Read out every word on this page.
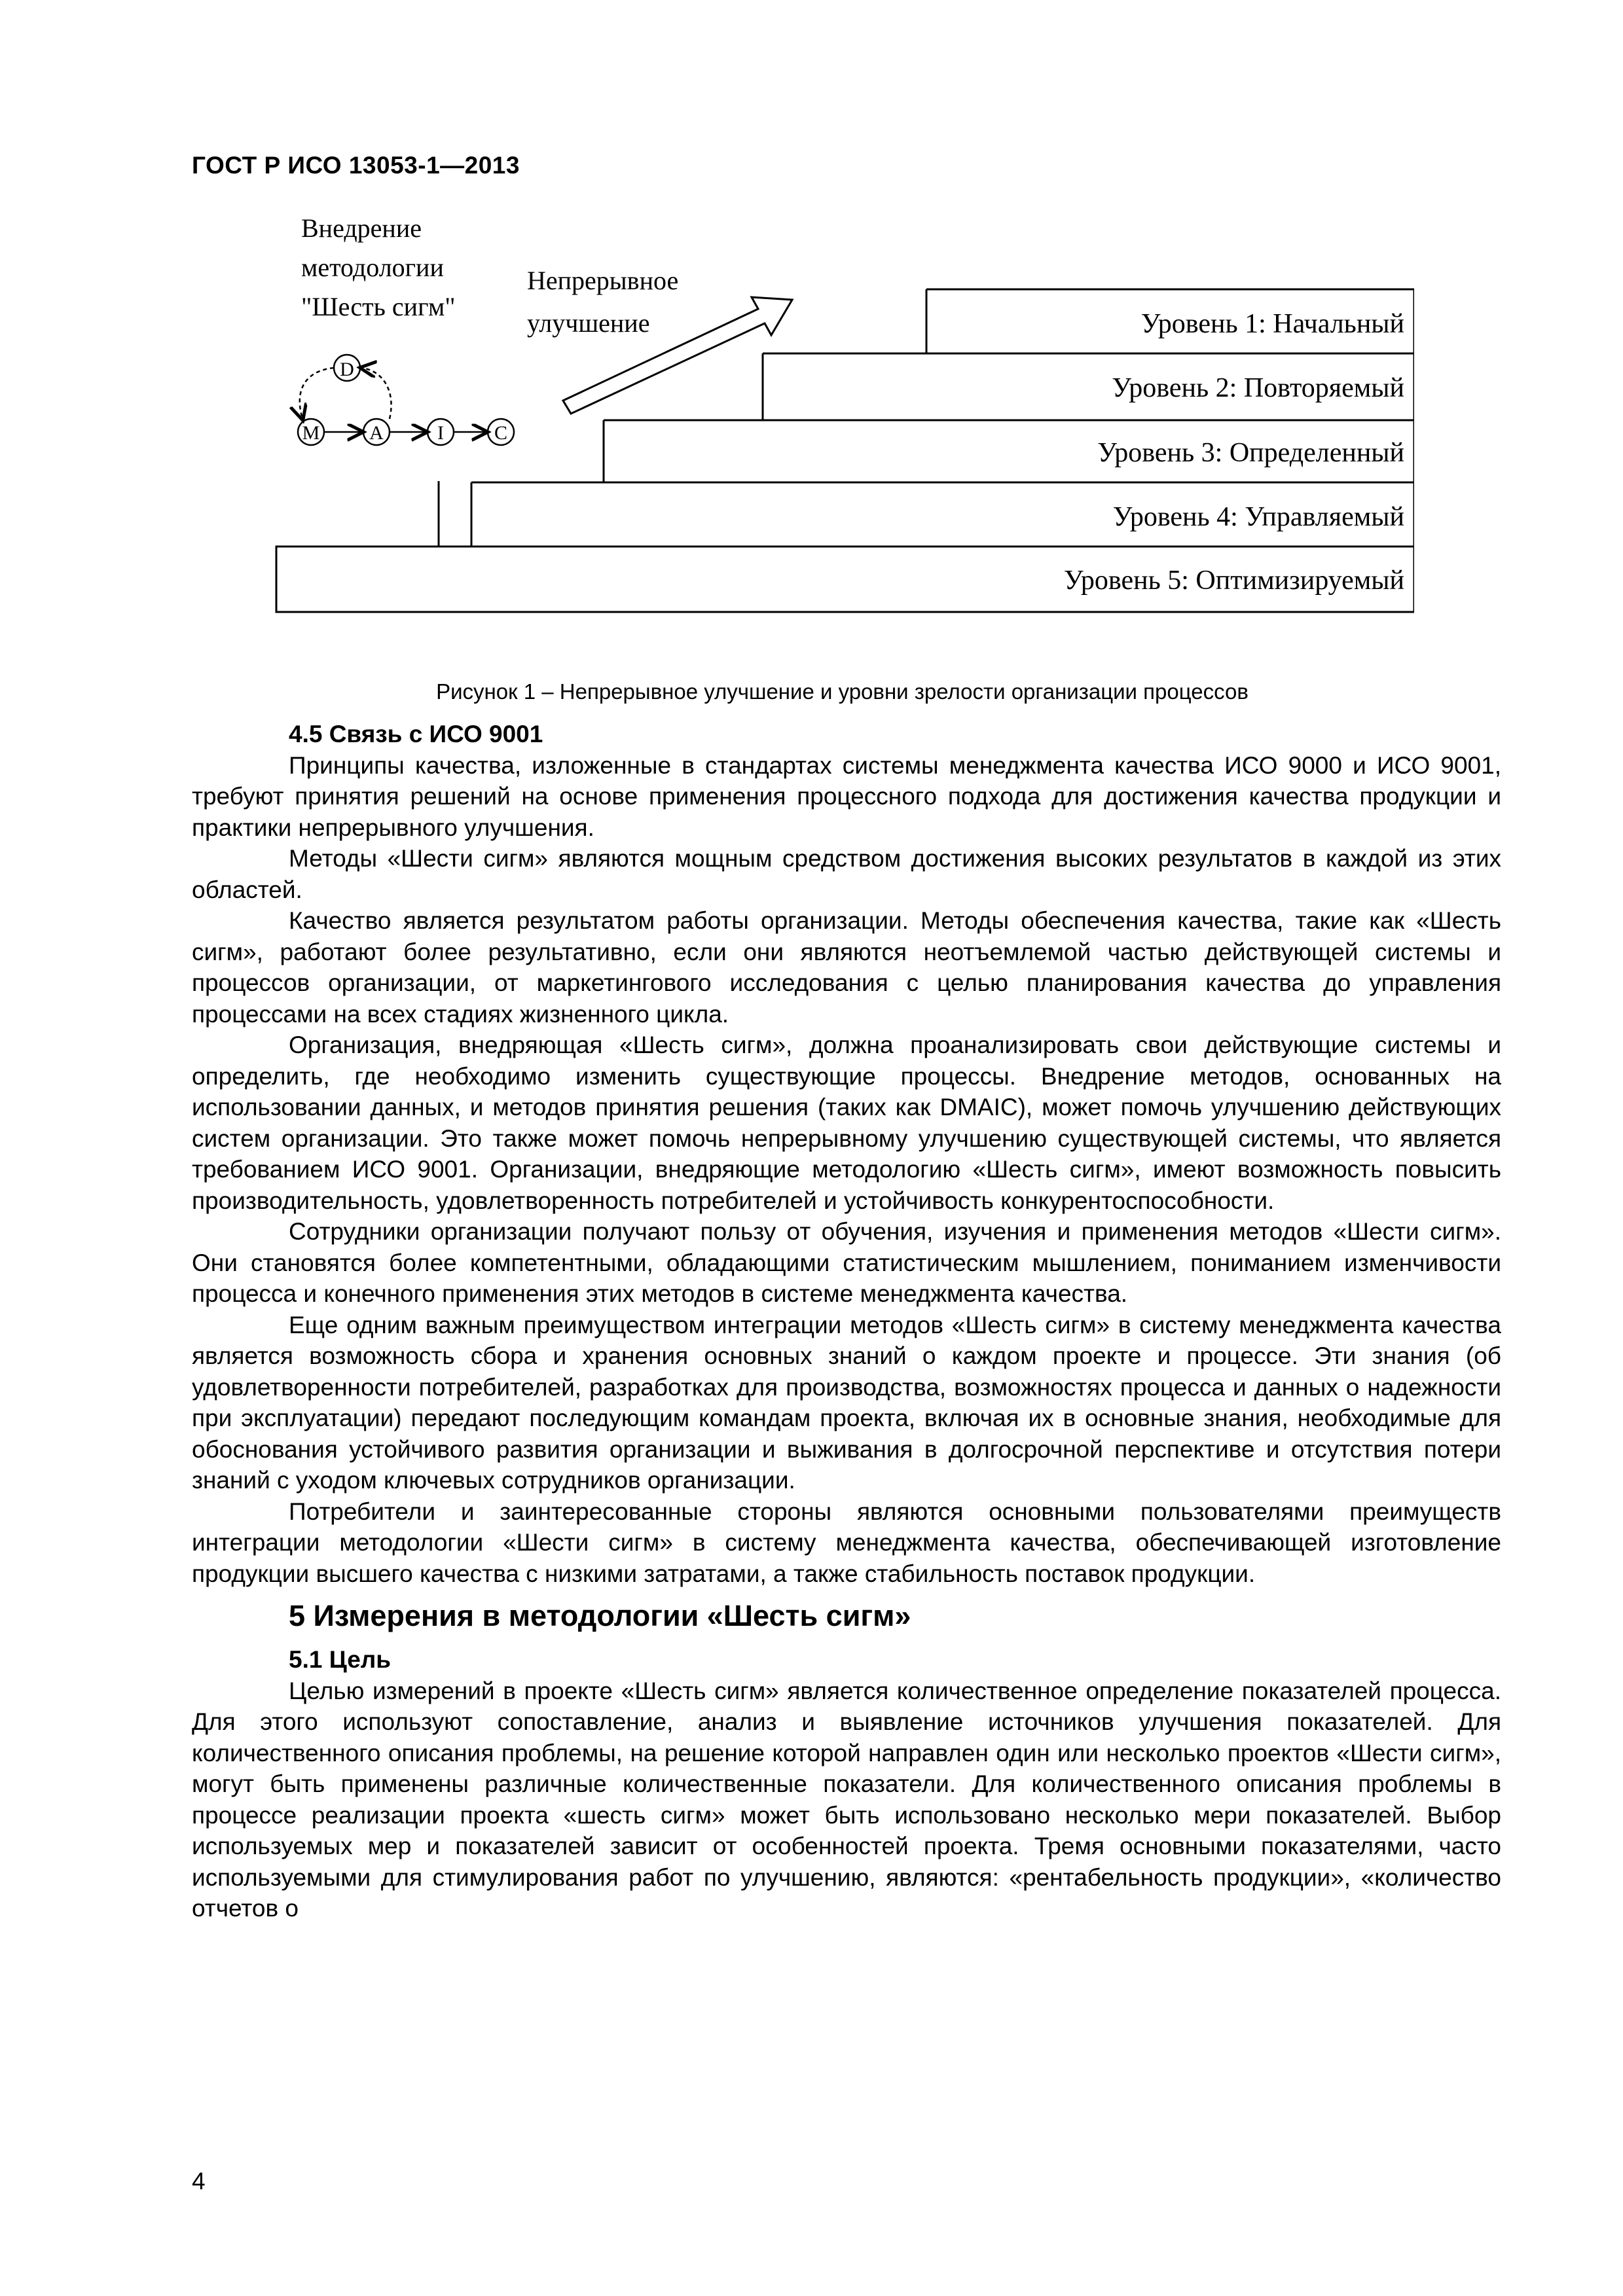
ГОСТ Р ИСО 13053-1—2013
Уровень 1: Начальный
Уровень 2: Повторяемый
Уровень 3: Определенный
Уровень 4: Управляемый
Уровень 5: Оптимизируемый
Внедрение
методологии
"Шесть сигм"
Непрерывное
улучшение
D
M	A	I	C
Рисунок 1 – Непрерывное улучшение и уровни зрелости организации процессов
4.5 Связь с ИСО 9001

Принципы качества, изложенные в стандартах системы менеджмента качества ИСО 9000 и ИСО 9001, требуют принятия решений на основе применения процессного подхода для достижения качества продукции и практики непрерывного улучшения.

Методы «Шести сигм» являются мощным средством достижения высоких результатов в каждой из этих областей.

Качество является результатом работы организации. Методы обеспечения качества, такие как «Шесть сигм», работают более результативно, если они являются неотъемлемой частью действующей системы и процессов организации, от маркетингового исследования с целью планирования качества до управления процессами на всех стадиях жизненного цикла.

Организация, внедряющая «Шесть сигм», должна проанализировать свои действующие системы и определить, где необходимо изменить существующие процессы. Внедрение методов, основанных на использовании данных, и методов принятия решения (таких как DMAIC), может помочь улучшению действующих систем организации. Это также может помочь непрерывному улучшению существующей системы, что является требованием ИСО 9001. Организации, внедряющие методологию «Шесть сигм», имеют возможность повысить производительность, удовлетворенность потребителей и устойчивость конкурентоспособности.

Сотрудники организации получают пользу от обучения, изучения и применения методов «Шести сигм». Они становятся более компетентными, обладающими статистическим мышлением, пониманием изменчивости процесса и конечного применения этих методов в системе менеджмента качества.

Еще одним важным преимуществом интеграции методов «Шесть сигм» в систему менеджмента качества является возможность сбора и хранения основных знаний о каждом проекте и процессе. Эти знания (об удовлетворенности потребителей, разработках для производства, возможностях процесса и данных о надежности при эксплуатации) передают последующим командам проекта, включая их в основные знания, необходимые для обоснования устойчивого развития организации и выживания в долгосрочной перспективе и отсутствия потери знаний с уходом ключевых сотрудников организации.

Потребители и заинтересованные стороны являются основными пользователями преимуществ интеграции методологии «Шести сигм» в систему менеджмента качества, обеспечивающей изготовление продукции высшего качества с низкими затратами, а также стабильность поставок продукции.

5 Измерения в методологии «Шесть сигм»
5.1 Цель

Целью измерений в проекте «Шесть сигм» является количественное определение показателей процесса. Для этого используют сопоставление, анализ и выявление источников улучшения показателей. Для количественного описания проблемы, на решение которой направлен один или несколько проектов «Шести сигм», могут быть применены различные количественные показатели. Для количественного описания проблемы в процессе реализации проекта «шесть сигм» может быть использовано несколько мери показателей. Выбор используемых мер и показателей зависит от особенностей проекта. Тремя основными показателями, часто используемыми для стимулирования работ по улучшению, являются: «рентабельность продукции», «количество отчетов о

4
